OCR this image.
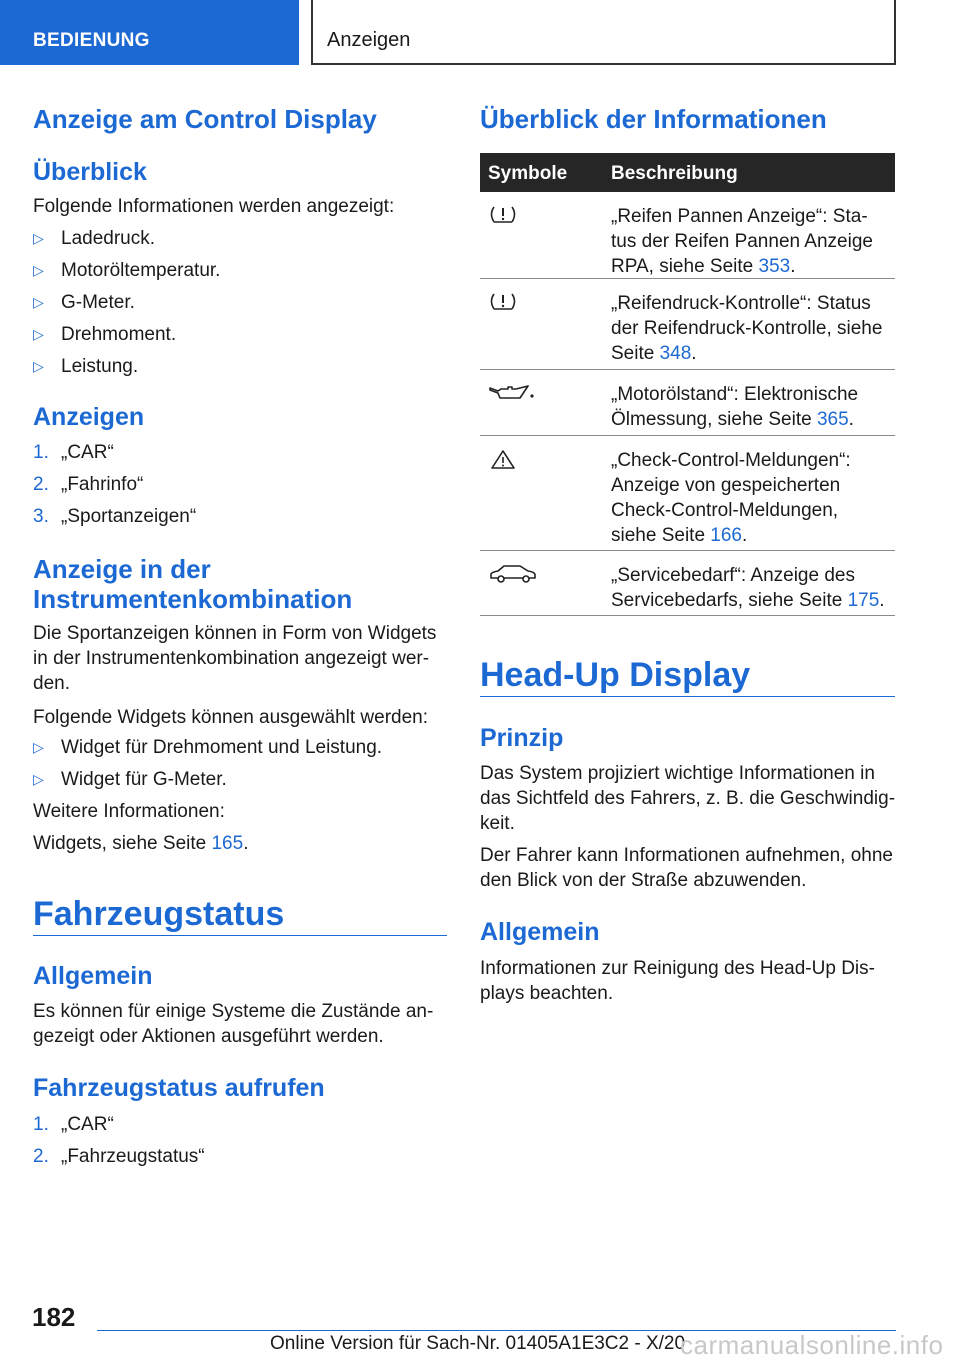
BEDIENUNG	Anzeigen
Anzeige am Control Display
Überblick
Folgende Informationen werden angezeigt:
▷ Ladedruck.
▷ Motoröltemperatur.
▷ G-Meter.
▷ Drehmoment.
▷ Leistung.
Anzeigen
1. „CAR“
2. „Fahrinfo“
3. „Sportanzeigen“
Anzeige in der
Instrumentenkombination
Die Sportanzeigen können in Form von Widgets
in der Instrumentenkombination angezeigt wer-
den.
Folgende Widgets können ausgewählt werden:
▷ Widget für Drehmoment und Leistung.
▷ Widget für G-Meter.
Weitere Informationen:
Widgets, siehe Seite 165.
Fahrzeugstatus
Allgemein
Es können für einige Systeme die Zustände an-
gezeigt oder Aktionen ausgeführt werden.
Fahrzeugstatus aufrufen
1. „CAR“
2. „Fahrzeugstatus“
Überblick der Informationen
Symbole Beschreibung
„Reifen Pannen Anzeige“: Sta-
tus der Reifen Pannen Anzeige
RPA, siehe Seite 353.
„Reifendruck-Kontrolle“: Status
der Reifendruck-Kontrolle, siehe
Seite 348.
„Motorölstand“: Elektronische
Ölmessung, siehe Seite 365.
„Check-Control-Meldungen“:
Anzeige von gespeicherten
Check-Control-Meldungen,
siehe Seite 166.
„Servicebedarf“: Anzeige des
Servicebedarfs, siehe Seite 175.
Head-Up Display
Prinzip
Das System projiziert wichtige Informationen in
das Sichtfeld des Fahrers, z. B. die Geschwindig-
keit.
Der Fahrer kann Informationen aufnehmen, ohne
den Blick von der Straße abzuwenden.
Allgemein
Informationen zur Reinigung des Head-Up Dis-
plays beachten.
182
Online Version für Sach-Nr. 01405A1E3C2 - X/20
carmanualsonline.info
